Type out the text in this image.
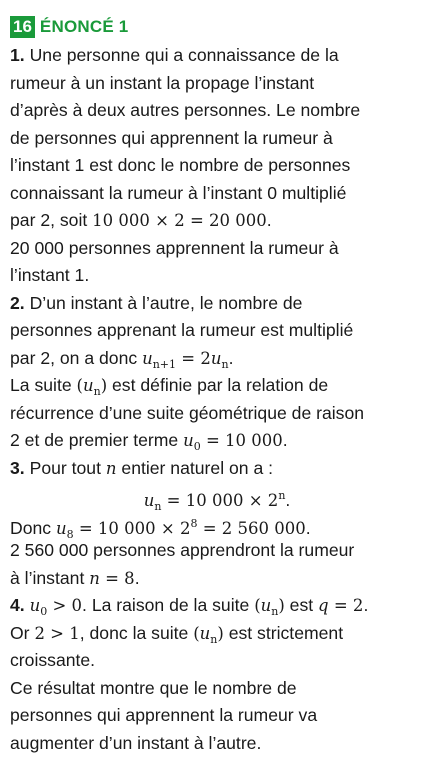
16 ÉNONCÉ 1
1. Une personne qui a connaissance de la
rumeur à un instant la propage l’instant
d’après à deux autres personnes. Le nombre
de personnes qui apprennent la rumeur à
l’instant 1 est donc le nombre de personnes
connaissant la rumeur à l’instant 0 multiplié
par 2, soit 10 000 × 2 = 20 000.
20 000 personnes apprennent la rumeur à
l’instant 1.
2. D’un instant à l’autre, le nombre de
personnes apprenant la rumeur est multiplié
par 2, on a donc $u_{n+1} = 2u_n$.
La suite $(u_n)$ est définie par la relation de
récurrence d’une suite géométrique de raison
2 et de premier terme $u_0 = 10$ 000.
3. Pour tout n entier naturel on a :
$u_n = 10$ $000 \times 2^n$.
Donc $u_8 = 10$ $000 \times 2^8 = 2$ 560 000.
2 560 000 personnes apprendront la rumeur
à l’instant n = 8.
4. $u_0 > 0$. La raison de la suite $(u_n)$ est q = 2.
Or 2 > 1, donc la suite $(u_n)$ est strictement
croissante.
Ce résultat montre que le nombre de
personnes qui apprennent la rumeur va
augmenter d’un instant à l’autre.
